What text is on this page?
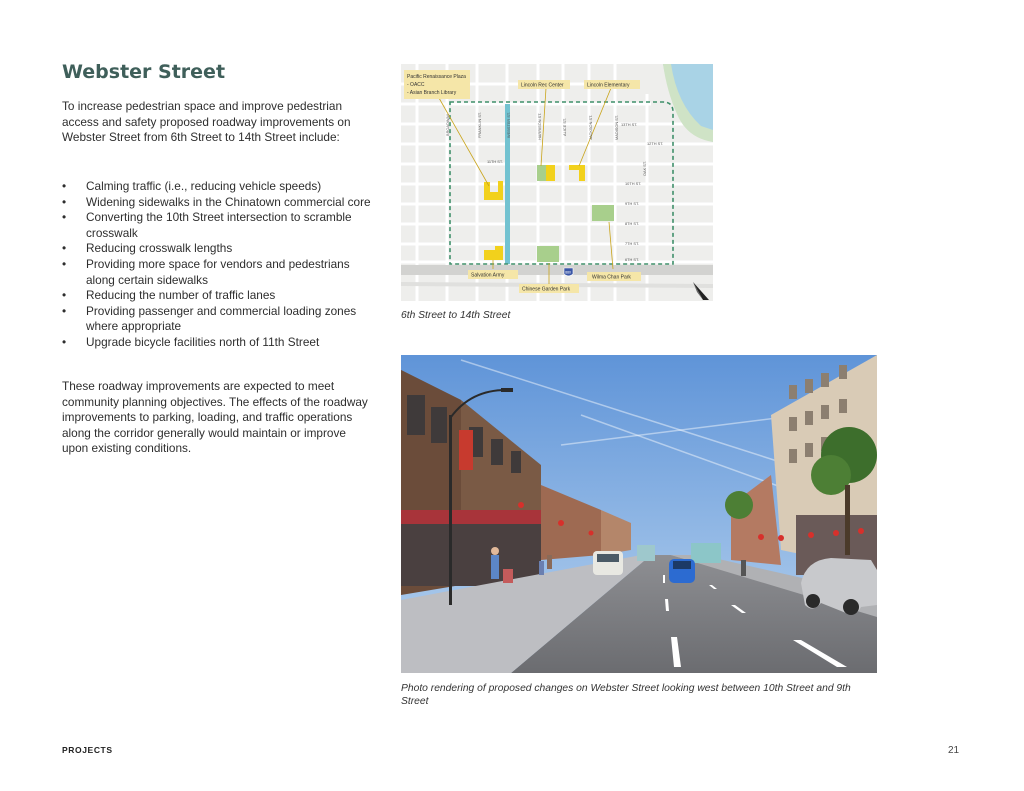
Webster Street

To increase pedestrian space and improve pedestrian access and safety proposed roadway improvements on Webster Street from 6th Street to 14th Street include:

• Calming traffic (i.e., reducing vehicle speeds)
• Widening sidewalks in the Chinatown commercial core
• Converting the 10th Street intersection to scramble crosswalk
• Reducing crosswalk lengths
• Providing more space for vendors and pedestrians along certain sidewalks
• Reducing the number of traffic lanes
• Providing passenger and commercial loading zones where appropriate
• Upgrade bicycle facilities north of 11th Street

These roadway improvements are expected to meet community planning objectives. The effects of the roadway improvements to parking, loading, and traffic operations along the corridor generally would maintain or improve upon existing conditions.

Pacific Renaissance Plaza
- OACC
- Asian Branch Library
Lincoln Rec Center	Lincoln Elementary
Salvation Army
Chinese Garden Park
Wilma Chan Park
880
BROADWAY	FRANKLIN ST.	WEBSTER ST.	HARRISON ST.	ALICE ST.	JACKSON ST.	MADISON ST.
OAK ST.
13TH ST.
12TH ST.
11TH ST.
10TH ST.
9TH ST.
8TH ST.
7TH ST.
6TH ST.

6th Street to 14th Street

Photo rendering of proposed changes on Webster Street looking west between 10th Street and 9th Street

PROJECTS	21
